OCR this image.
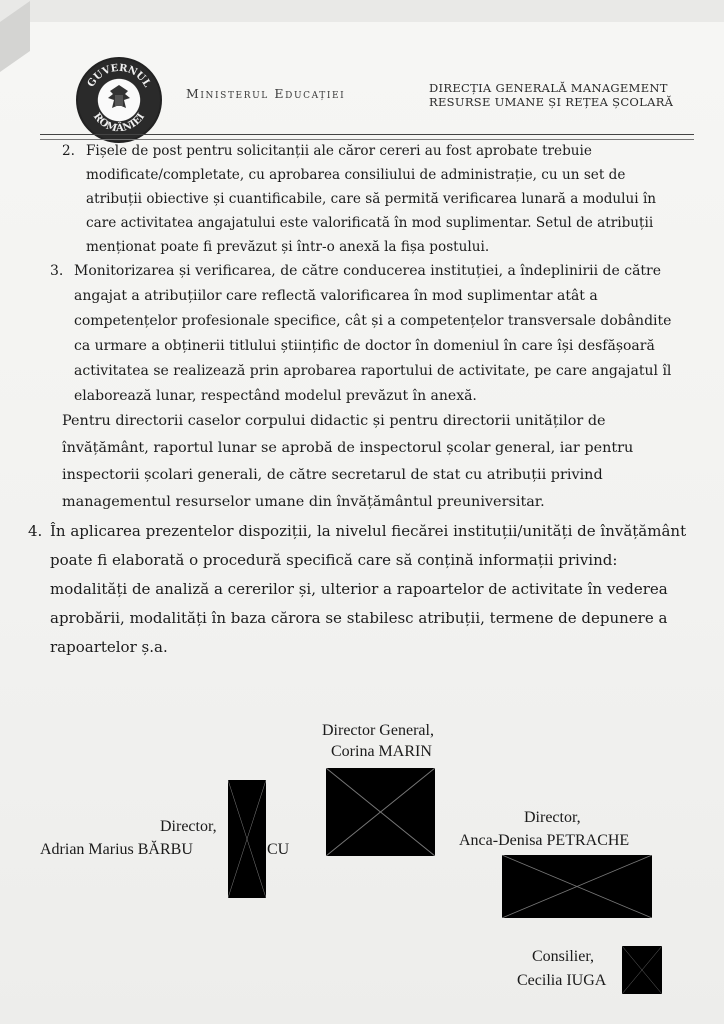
GUVERNUL
ROMÂNIEI
Ministerul Educației	DIRECȚIA GENERALĂ MANAGEMENT
RESURSE UMANE ȘI REȚEA ȘCOLARĂ
2. Fișele de post pentru solicitanții ale căror cereri au fost aprobate trebuie
modificate/completate, cu aprobarea consiliului de administrație, cu un set de
atribuții obiective și cuantificabile, care să permită verificarea lunară a modului în
care activitatea angajatului este valorificată în mod suplimentar. Setul de atribuții
menționat poate fi prevăzut și într-o anexă la fișa postului.
3. Monitorizarea și verificarea, de către conducerea instituției, a îndeplinirii de către
angajat a atribuțiilor care reflectă valorificarea în mod suplimentar atât a
competențelor profesionale specifice, cât și a competențelor transversale dobândite
ca urmare a obținerii titlului științific de doctor în domeniul în care își desfășoară
activitatea se realizează prin aprobarea raportului de activitate, pe care angajatul îl
elaborează lunar, respectând modelul prevăzut în anexă.
Pentru directorii caselor corpului didactic și pentru directorii unităților de
învățământ, raportul lunar se aprobă de inspectorul școlar general, iar pentru
inspectorii școlari generali, de către secretarul de stat cu atribuții privind
managementul resurselor umane din învățământul preuniversitar.
4. În aplicarea prezentelor dispoziții, la nivelul fiecărei instituții/unități de învățământ
poate fi elaborată o procedură specifică care să conțină informații privind:
modalități de analiză a cererilor și, ulterior a rapoartelor de activitate în vederea
aprobării, modalități în baza cărora se stabilesc atribuții, termene de depunere a
rapoartelor ș.a.
Director General,
Corina MARIN
Director,
Adrian Marius BĂRBU	CU
Director,
Anca-Denisa PETRACHE
Consilier,
Cecilia IUGA
